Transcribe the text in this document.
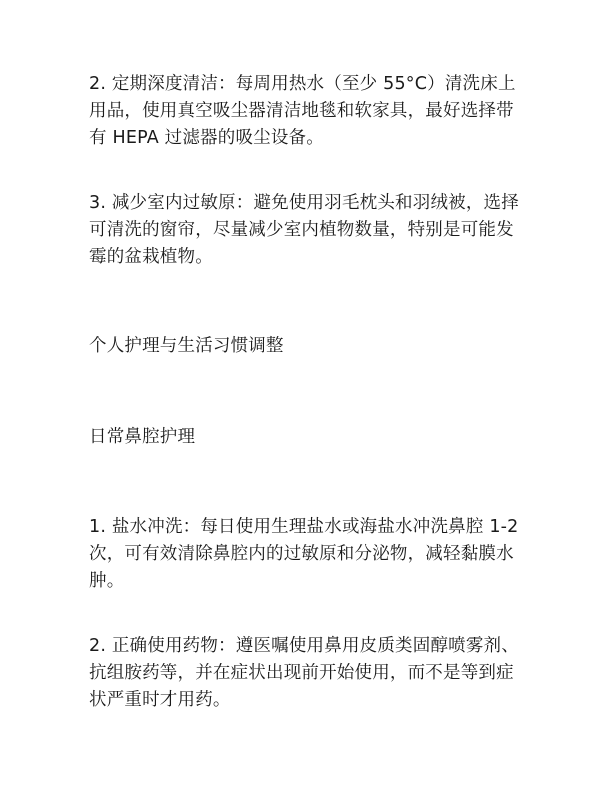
2. 定期深度清洁：每周用热水（至少 55°C）清洗床上用品，使用真空吸尘器清洁地毯和软家具，最好选择带有 HEPA 过滤器的吸尘设备。

3. 减少室内过敏原：避免使用羽毛枕头和羽绒被，选择可清洗的窗帘，尽量减少室内植物数量，特别是可能发霉的盆栽植物。

个人护理与生活习惯调整

日常鼻腔护理

1. 盐水冲洗：每日使用生理盐水或海盐水冲洗鼻腔 1-2 次，可有效清除鼻腔内的过敏原和分泌物，减轻黏膜水肿。

2. 正确使用药物：遵医嘱使用鼻用皮质类固醇喷雾剂、抗组胺药等，并在症状出现前开始使用，而不是等到症状严重时才用药。
